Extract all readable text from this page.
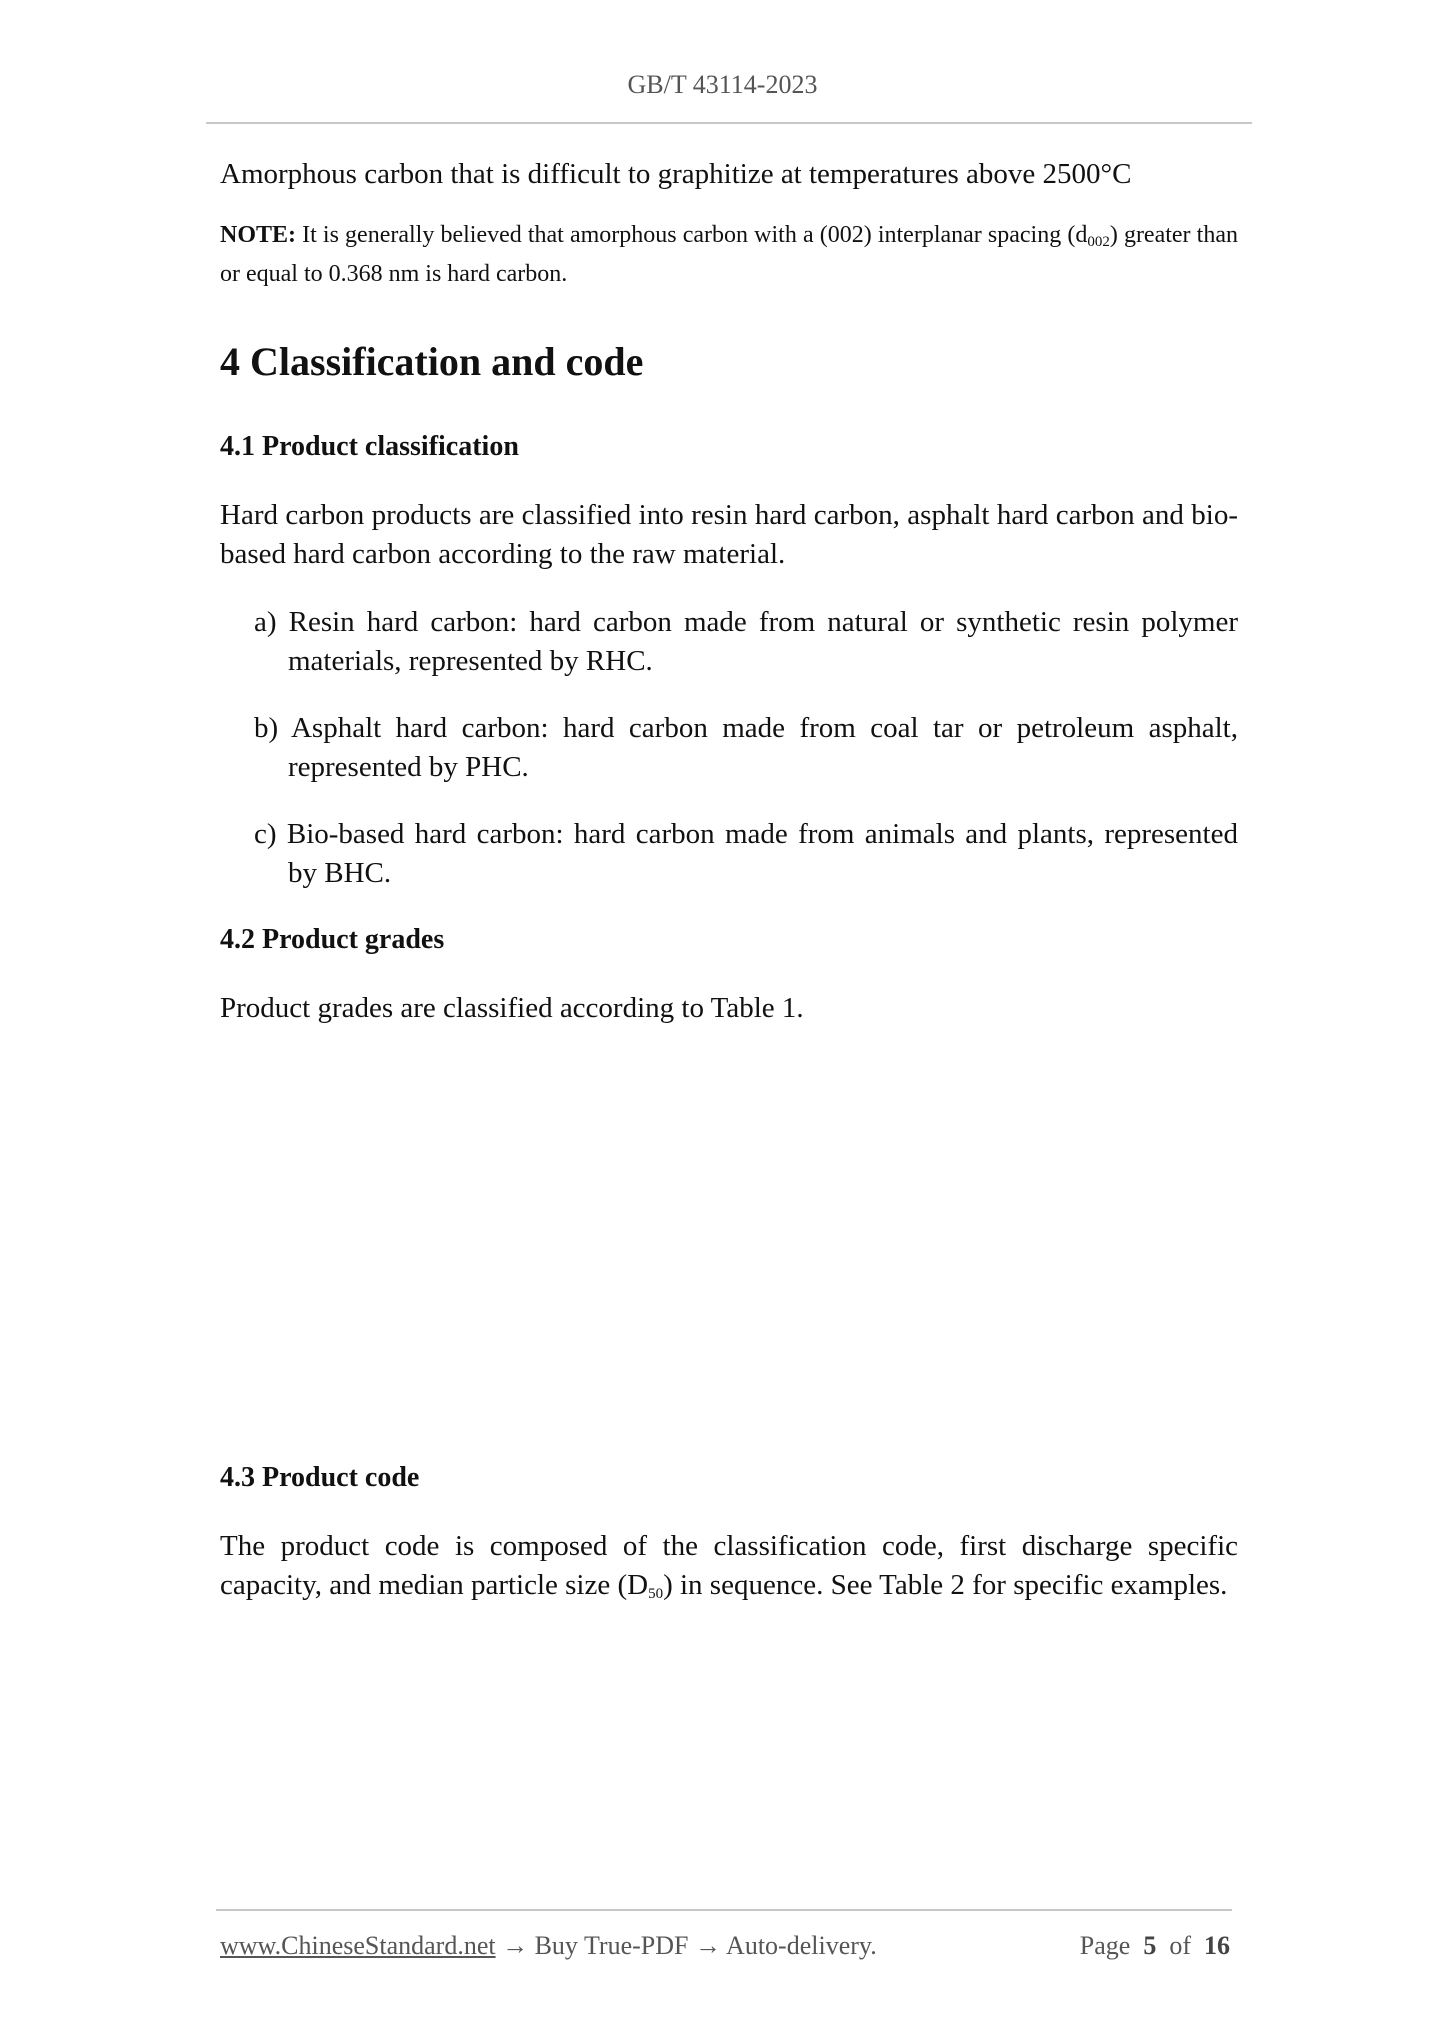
GB/T 43114-2023

Amorphous carbon that is difficult to graphitize at temperatures above 2500°C

NOTE: It is generally believed that amorphous carbon with a (002) interplanar spacing $(d_{002})$ greater than or equal to 0.368 nm is hard carbon.

4 Classification and code
4.1 Product classification

Hard carbon products are classified into resin hard carbon, asphalt hard carbon and bio-based hard carbon according to the raw material.

a) Resin hard carbon: hard carbon made from natural or synthetic resin polymer materials, represented by RHC.

b) Asphalt hard carbon: hard carbon made from coal tar or petroleum asphalt, represented by PHC.

c) Bio-based hard carbon: hard carbon made from animals and plants, represented by BHC.

4.2 Product grades

Product grades are classified according to Table 1.

4.3 Product code

The product code is composed of the classification code, first discharge specific capacity, and median particle size $(D_{50})$ in sequence. See Table 2 for specific examples.

www.ChineseStandard.net → Buy True-PDF → Auto-delivery.	Page 5 of 16
